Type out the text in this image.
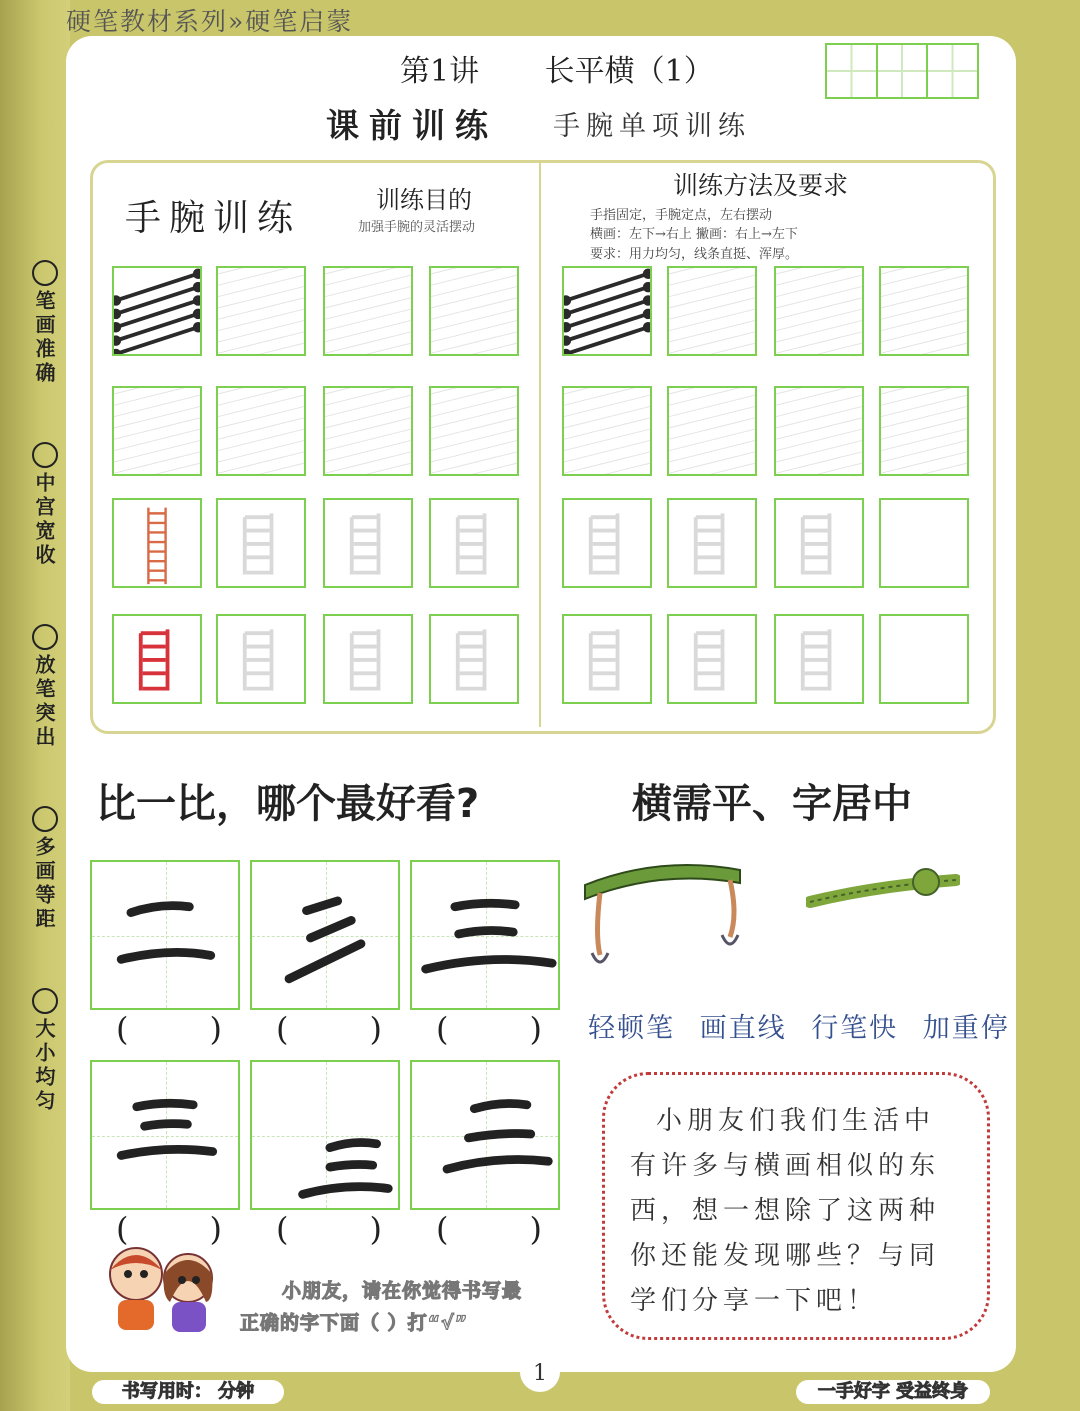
硬笔教材系列»硬笔启蒙
第1讲 长平横（1）
课前训练 手腕单项训练
笔画准确
中宫宽收
放笔突出
多画等距
大小均匀
手腕训练	训练目的
加强手腕的灵活摆动
训练方法及要求
手指固定，手腕定点，左右摆动
横画：左下→右上 撇画：右上→左下
要求：用力均匀，线条直挺、浑厚。
比一比，哪个最好看?	横需平、字居中
(	) (	) (	)
(	) (	) (	)
轻顿笔 画直线 行笔快 加重停
小朋友们我们生活中
有许多与横画相似的东
西，想一想除了这两种
你还能发现哪些？与同
学们分享一下吧！
小朋友，请在你觉得书写最
正确的字下面（ ）打“√”
1
书写用时： 分钟	一手好字 受益终身
